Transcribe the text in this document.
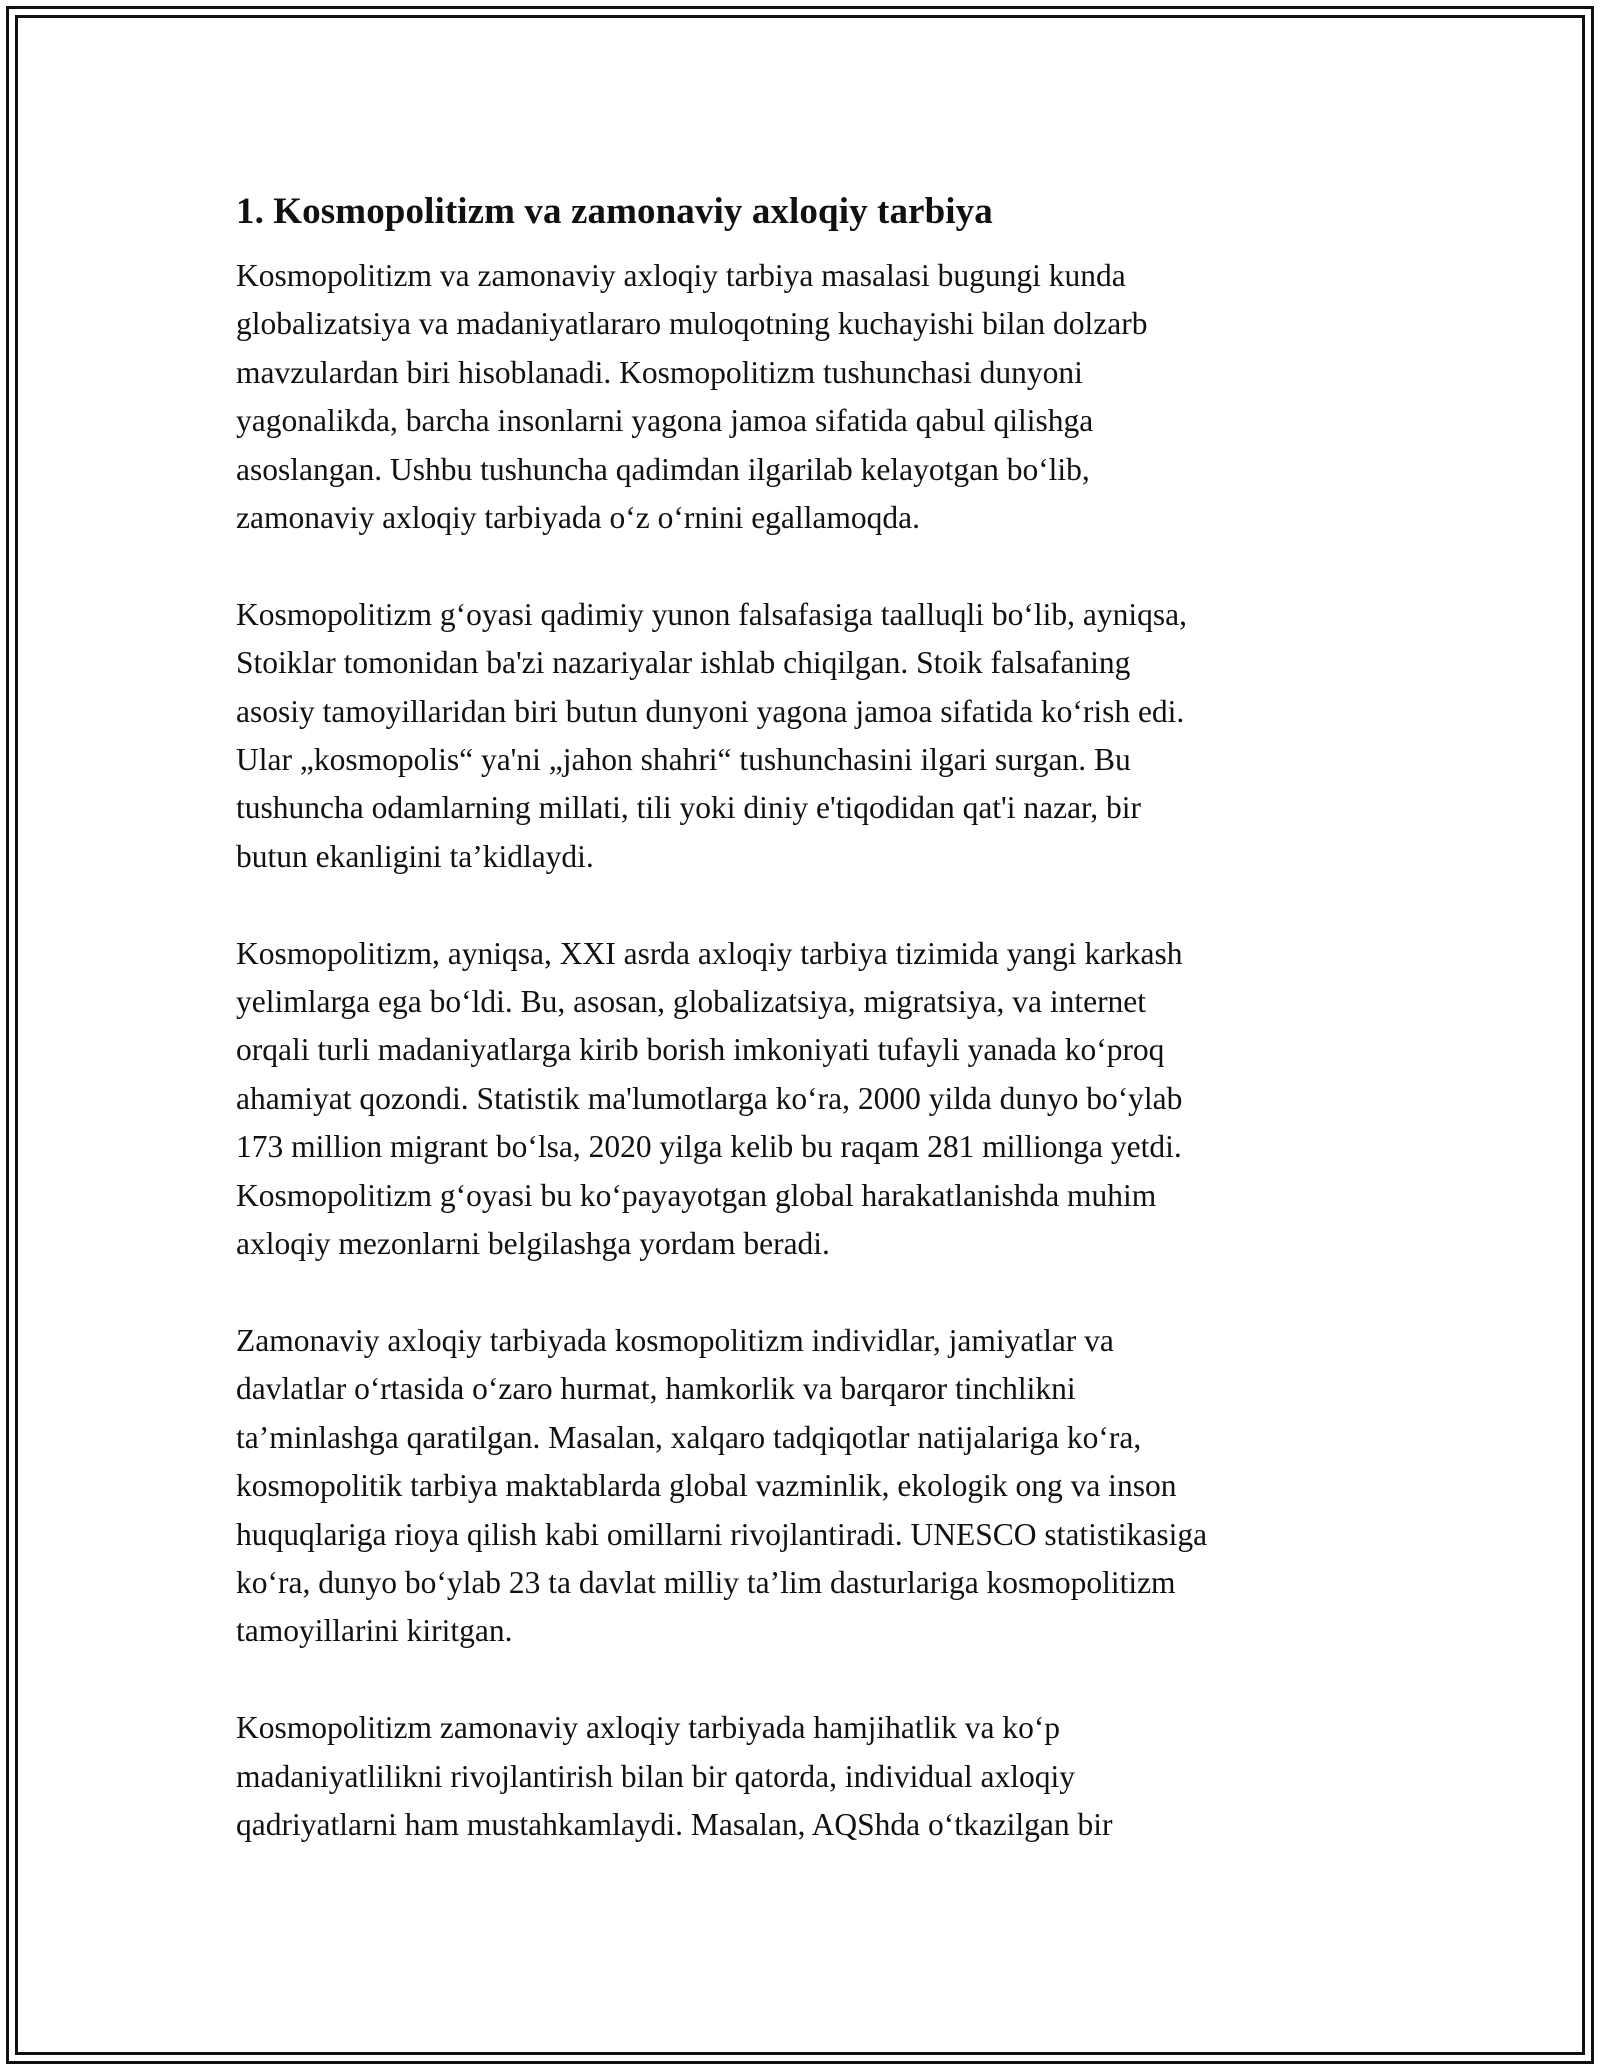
1. Kosmopolitizm va zamonaviy axloqiy tarbiya

Kosmopolitizm va zamonaviy axloqiy tarbiya masalasi bugungi kunda
globalizatsiya va madaniyatlararo muloqotning kuchayishi bilan dolzarb
mavzulardan biri hisoblanadi. Kosmopolitizm tushunchasi dunyoni
yagonalikda, barcha insonlarni yagona jamoa sifatida qabul qilishga
asoslangan. Ushbu tushuncha qadimdan ilgarilab kelayotgan bo‘lib,
zamonaviy axloqiy tarbiyada o‘z o‘rnini egallamoqda.

Kosmopolitizm g‘oyasi qadimiy yunon falsafasiga taalluqli bo‘lib, ayniqsa,
Stoiklar tomonidan ba'zi nazariyalar ishlab chiqilgan. Stoik falsafaning
asosiy tamoyillaridan biri butun dunyoni yagona jamoa sifatida ko‘rish edi.
Ular „kosmopolis“ ya'ni „jahon shahri“ tushunchasini ilgari surgan. Bu
tushuncha odamlarning millati, tili yoki diniy e'tiqodidan qat'i nazar, bir
butun ekanligini ta’kidlaydi.

Kosmopolitizm, ayniqsa, XXI asrda axloqiy tarbiya tizimida yangi karkash
yelimlarga ega bo‘ldi. Bu, asosan, globalizatsiya, migratsiya, va internet
orqali turli madaniyatlarga kirib borish imkoniyati tufayli yanada ko‘proq
ahamiyat qozondi. Statistik ma'lumotlarga ko‘ra, 2000 yilda dunyo bo‘ylab
173 million migrant bo‘lsa, 2020 yilga kelib bu raqam 281 millionga yetdi.
Kosmopolitizm g‘oyasi bu ko‘payayotgan global harakatlanishda muhim
axloqiy mezonlarni belgilashga yordam beradi.

Zamonaviy axloqiy tarbiyada kosmopolitizm individlar, jamiyatlar va
davlatlar o‘rtasida o‘zaro hurmat, hamkorlik va barqaror tinchlikni
ta’minlashga qaratilgan. Masalan, xalqaro tadqiqotlar natijalariga ko‘ra,
kosmopolitik tarbiya maktablarda global vazminlik, ekologik ong va inson
huquqlariga rioya qilish kabi omillarni rivojlantiradi. UNESCO statistikasiga
ko‘ra, dunyo bo‘ylab 23 ta davlat milliy ta’lim dasturlariga kosmopolitizm
tamoyillarini kiritgan.

Kosmopolitizm zamonaviy axloqiy tarbiyada hamjihatlik va ko‘p
madaniyatlilikni rivojlantirish bilan bir qatorda, individual axloqiy
qadriyatlarni ham mustahkamlaydi. Masalan, AQShda o‘tkazilgan bir
